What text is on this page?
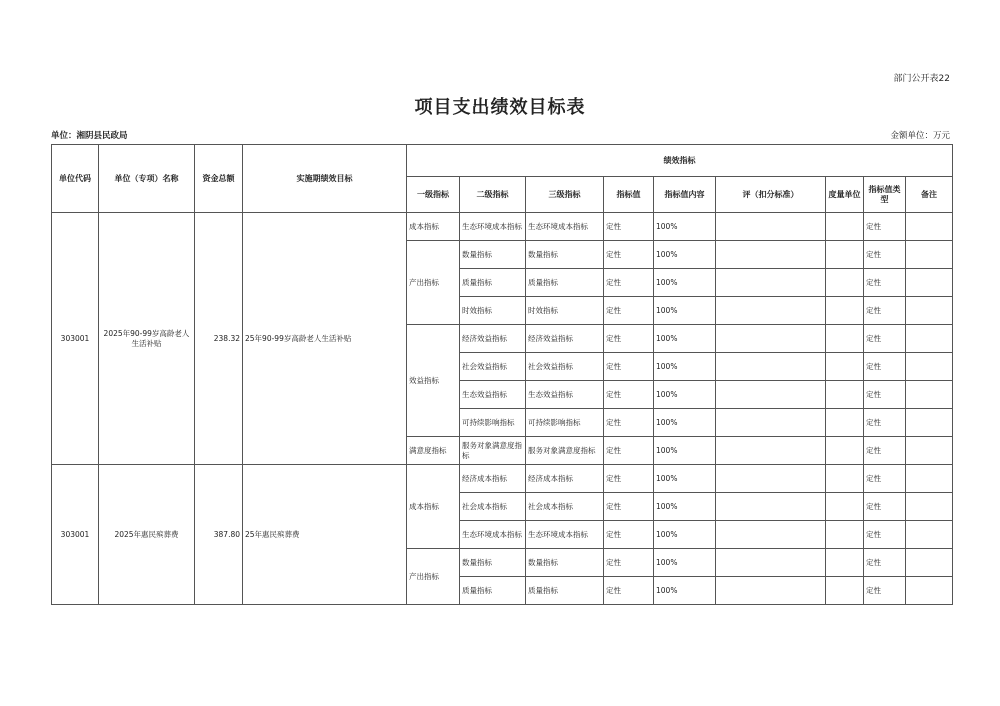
部门公开表22
项目支出绩效目标表
单位：湘阴县民政局	金额单位：万元
单位代码	单位（专项）名称	资金总额	实施期绩效目标	绩效指标								
				一级指标	二级指标	三级指标	指标值	指标值内容	评（扣分标准）	度量单位	指标值类型	备注
303001	2025年90-99岁高龄老人生活补贴	238.32	25年90-99岁高龄老人生活补贴	成本指标	生态环境成本指标	生态环境成本指标	定性	100%			定性	
				产出指标	数量指标	数量指标	定性	100%			定性	
					质量指标	质量指标	定性	100%			定性	
					时效指标	时效指标	定性	100%			定性	
				效益指标	经济效益指标	经济效益指标	定性	100%			定性	
					社会效益指标	社会效益指标	定性	100%			定性	
					生态效益指标	生态效益指标	定性	100%			定性	
					可持续影响指标	可持续影响指标	定性	100%			定性	
				满意度指标	服务对象满意度指标	服务对象满意度指标	定性	100%			定性	
303001	2025年惠民殡葬费	387.80	25年惠民殡葬费	成本指标	经济成本指标	经济成本指标	定性	100%			定性	
					社会成本指标	社会成本指标	定性	100%			定性	
					生态环境成本指标	生态环境成本指标	定性	100%			定性	
				产出指标	数量指标	数量指标	定性	100%			定性	
					质量指标	质量指标	定性	100%			定性	
